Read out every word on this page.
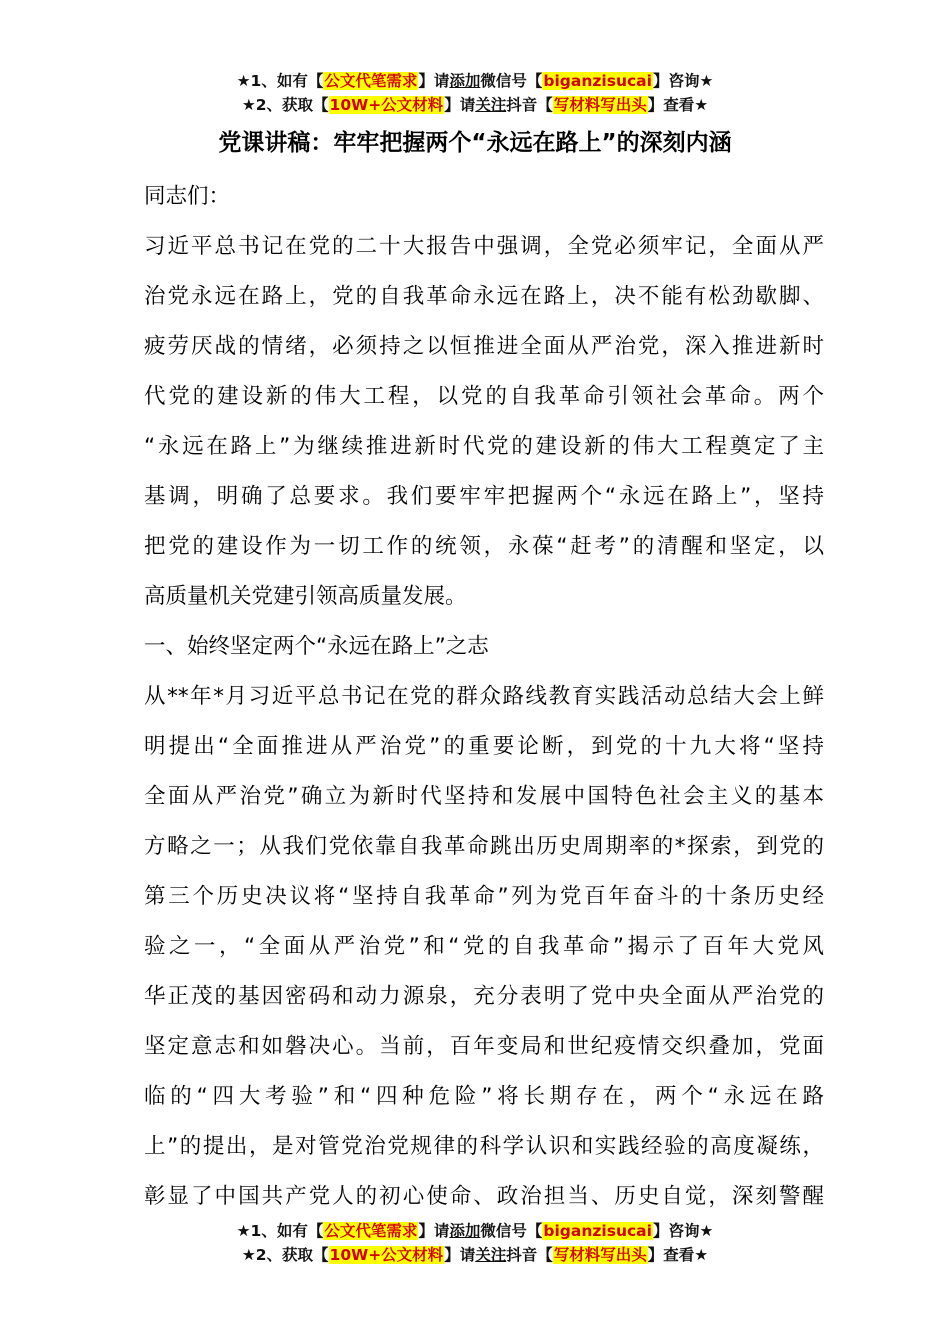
★1、如有【公文代笔需求】请添加微信号【biganzisucai】咨询★
★2、获取【10W+公文材料】请关注抖音【写材料写出头】查看★
党课讲稿：牢牢把握两个“永远在路上”的深刻内涵
同志们：
习近平总书记在党的二十大报告中强调，全党必须牢记，全面从严
治党永远在路上，党的自我革命永远在路上，决不能有松劲歇脚、
疲劳厌战的情绪，必须持之以恒推进全面从严治党，深入推进新时
代党的建设新的伟大工程，以党的自我革命引领社会革命。两个
“永远在路上”为继续推进新时代党的建设新的伟大工程奠定了主
基调，明确了总要求。我们要牢牢把握两个“永远在路上”，坚持
把党的建设作为一切工作的统领，永葆“赶考”的清醒和坚定，以
高质量机关党建引领高质量发展。
一、始终坚定两个“永远在路上”之志
从**年*月习近平总书记在党的群众路线教育实践活动总结大会上鲜
明提出“全面推进从严治党”的重要论断，到党的十九大将“坚持
全面从严治党”确立为新时代坚持和发展中国特色社会主义的基本
方略之一；从我们党依靠自我革命跳出历史周期率的*探索，到党的
第三个历史决议将“坚持自我革命”列为党百年奋斗的十条历史经
验之一，“全面从严治党”和“党的自我革命”揭示了百年大党风
华正茂的基因密码和动力源泉，充分表明了党中央全面从严治党的
坚定意志和如磐决心。当前，百年变局和世纪疫情交织叠加，党面
临的“四大考验”和“四种危险”将长期存在，两个“永远在路
上”的提出，是对管党治党规律的科学认识和实践经验的高度凝练，
彰显了中国共产党人的初心使命、政治担当、历史自觉，深刻警醒
★1、如有【公文代笔需求】请添加微信号【biganzisucai】咨询★
★2、获取【10W+公文材料】请关注抖音【写材料写出头】查看★
